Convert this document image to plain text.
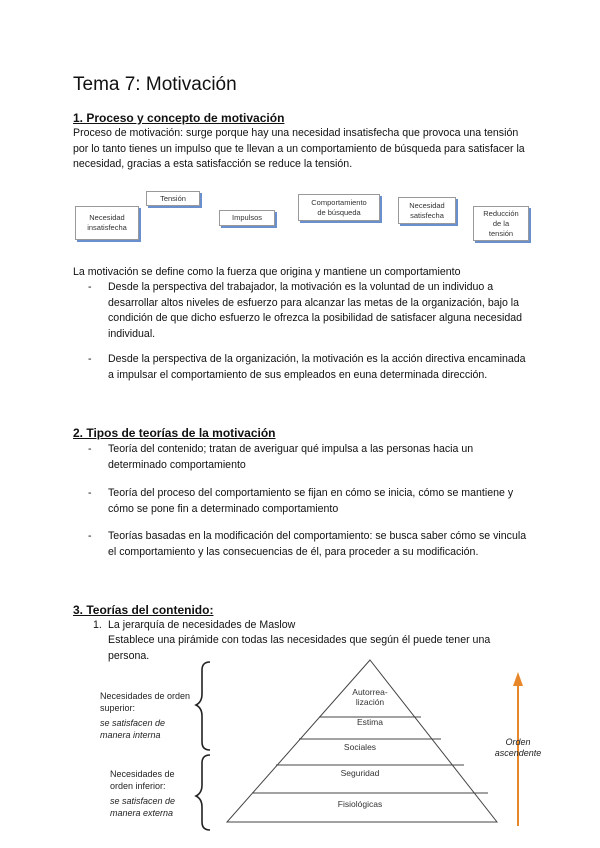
Tema 7: Motivación
1. Proceso y concepto de motivación

Proceso de motivación: surge porque hay una necesidad insatisfecha que provoca una tensión por lo tanto tienes un impulso que te llevan a un comportamiento de búsqueda para satisfacer la necesidad, gracias a esta satisfacción se reduce la tensión.

Necesidad
insatisfecha
Tensión
Impulsos
Comportamiento
de búsqueda
Necesidad
satisfecha	Reducción
de la
tensión

La motivación se define como la fuerza que origina y mantiene un comportamiento

- Desde la perspectiva del trabajador, la motivación es la voluntad de un individuo a desarrollar altos niveles de esfuerzo para alcanzar las metas de la organización, bajo la condición de que dicho esfuerzo le ofrezca la posibilidad de satisfacer alguna necesidad individual.

- Desde la perspectiva de la organización, la motivación es la acción directiva encaminada a impulsar el comportamiento de sus empleados en euna determinada dirección.

2. Tipos de teorías de la motivación
- Teoría del contenido; tratan de averiguar qué impulsa a las personas hacia un determinado comportamiento

- Teoría del proceso del comportamiento se fijan en cómo se inicia, cómo se mantiene y cómo se pone fin a determinado comportamiento

- Teorías basadas en la modificación del comportamiento: se busca saber cómo se vincula el comportamiento y las consecuencias de él, para proceder a su modificación.

3. Teorías del contenido:
1. La jerarquía de necesidades de Maslow

Establece una pirámide con todas las necesidades que según él puede tener una persona.

Autorrea-
lización
Estima
Sociales
Seguridad
Fisiológicas
Necesidades de orden
superior:
se satisfacen de
manera interna
Necesidades de
orden inferior:
se satisfacen de
manera externa
Orden
ascendente
